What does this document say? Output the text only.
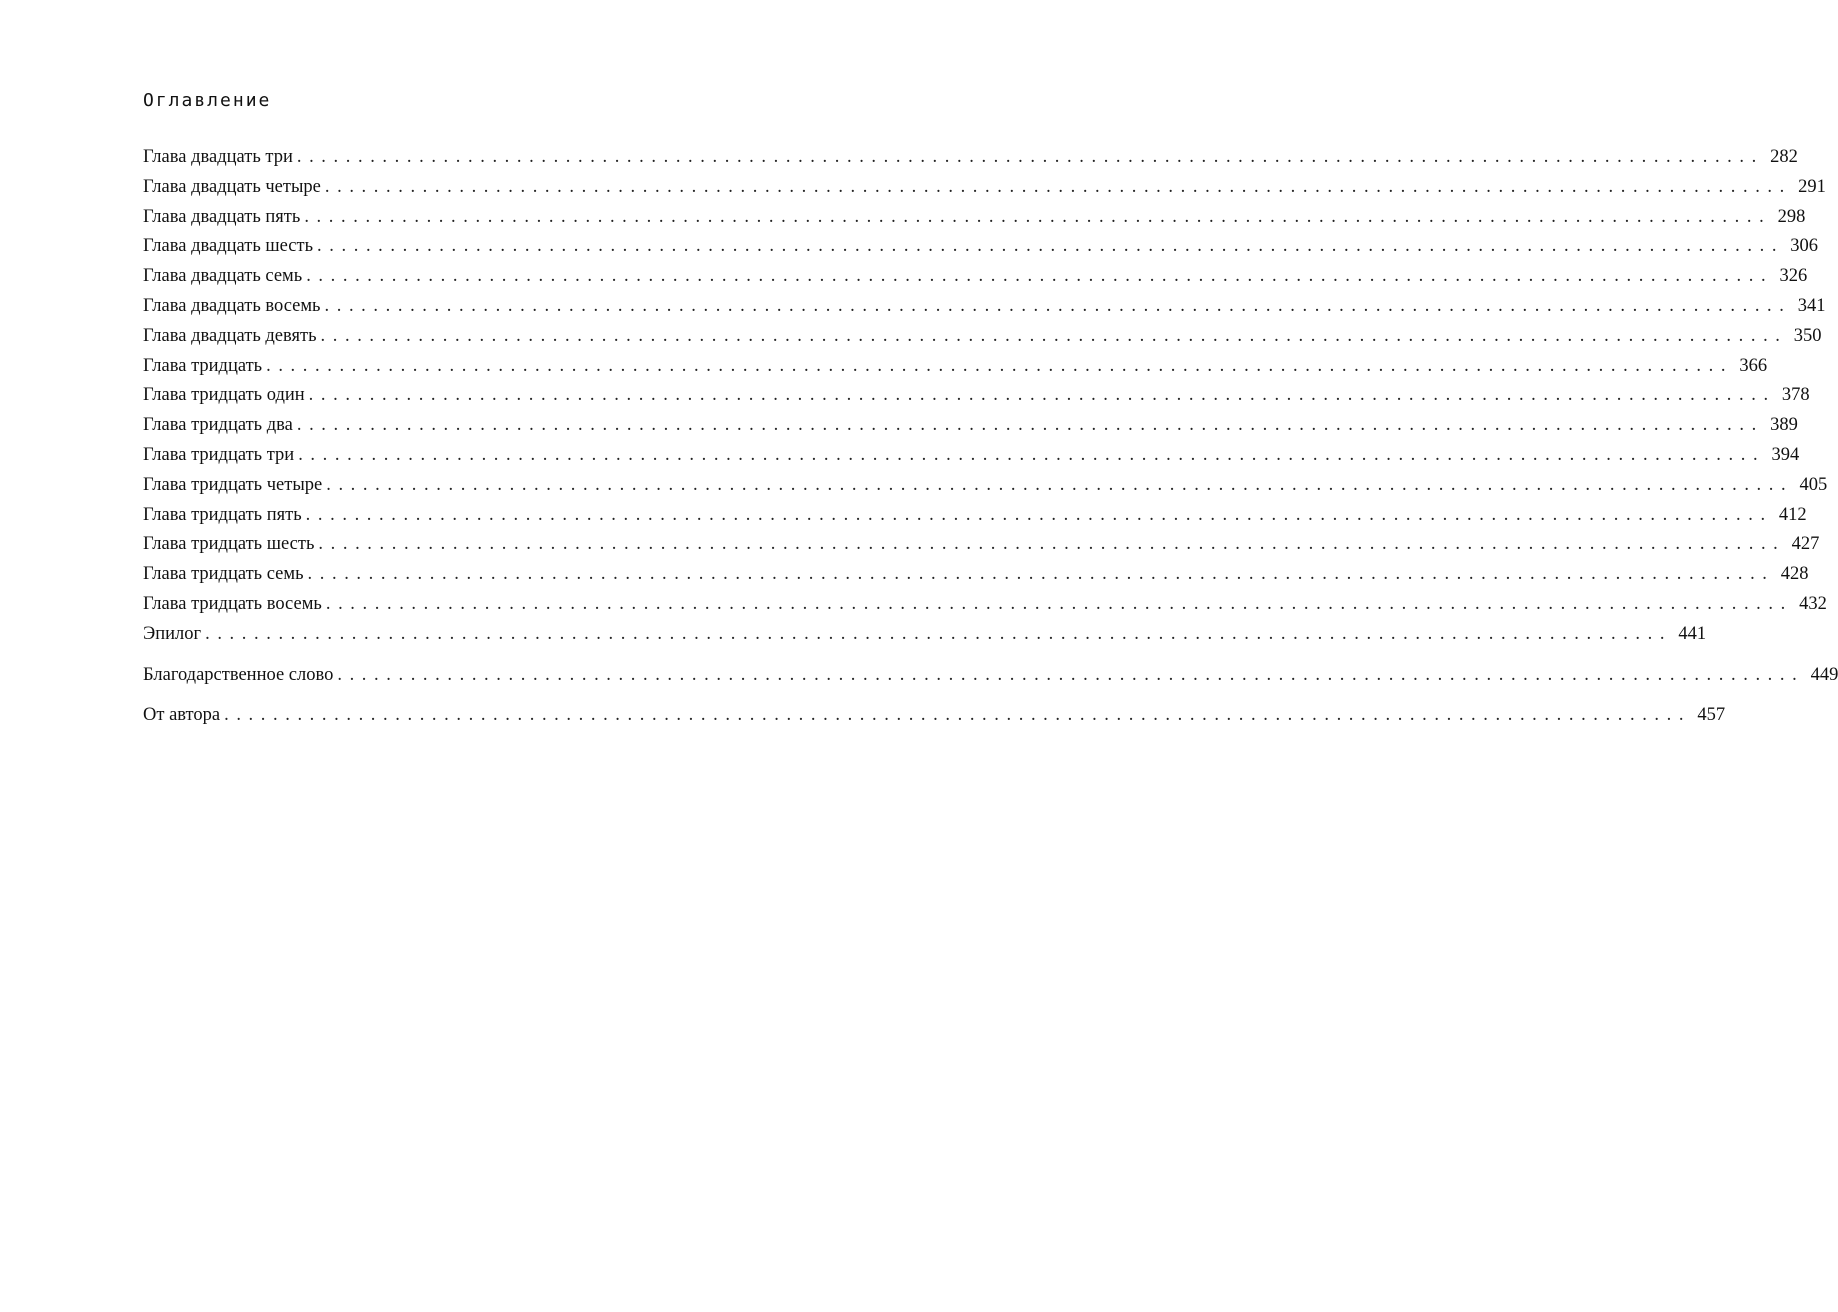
Оглавление
Глава двадцать три ........................................................................................................................ 282
Глава двадцать четыре ........................................................................................................................ 291
Глава двадцать пять ........................................................................................................................ 298
Глава двадцать шесть ........................................................................................................................ 306
Глава двадцать семь ........................................................................................................................ 326
Глава двадцать восемь ........................................................................................................................ 341
Глава двадцать девять ........................................................................................................................ 350
Глава тридцать ........................................................................................................................ 366
Глава тридцать один ........................................................................................................................ 378
Глава тридцать два ........................................................................................................................ 389
Глава тридцать три ........................................................................................................................ 394
Глава тридцать четыре ........................................................................................................................ 405
Глава тридцать пять ........................................................................................................................ 412
Глава тридцать шесть ........................................................................................................................ 427
Глава тридцать семь ........................................................................................................................ 428
Глава тридцать восемь ........................................................................................................................ 432
Эпилог ........................................................................................................................ 441
Благодарственное слово ........................................................................................................................ 449
От автора ........................................................................................................................ 457
